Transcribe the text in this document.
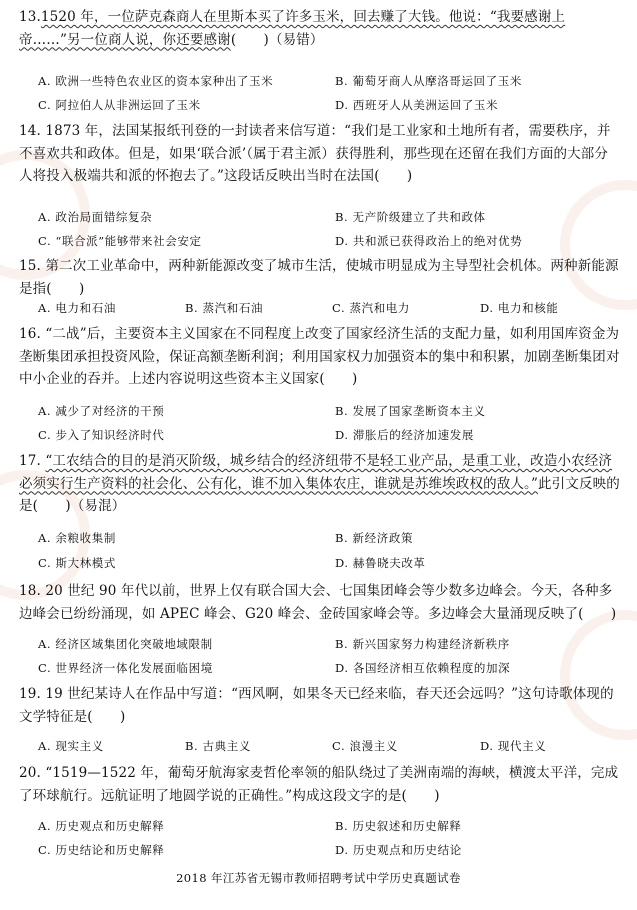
13.1520 年，一位萨克森商人在里斯本买了许多玉米，回去赚了大钱。他说：“我要感谢上帝……”另一位商人说，你还要感谢(　　)（易错）
A. 欧洲一些特色农业区的资本家种出了玉米	B. 葡萄牙商人从摩洛哥运回了玉米
C. 阿拉伯人从非洲运回了玉米	D. 西班牙人从美洲运回了玉米
14. 1873 年，法国某报纸刊登的一封读者来信写道：“我们是工业家和土地所有者，需要秩序，并不喜欢共和政体。但是，如果‘联合派’（属于君主派）获得胜利，那些现在还留在我们方面的大部分人将投入极端共和派的怀抱去了。”这段话反映出当时在法国(　　)
A. 政治局面错综复杂	B. 无产阶级建立了共和政体
C. “联合派”能够带来社会安定	D. 共和派已获得政治上的绝对优势
15. 第二次工业革命中，两种新能源改变了城市生活，使城市明显成为主导型社会机体。两种新能源是指(　　)
A. 电力和石油	B. 蒸汽和石油	C. 蒸汽和电力	D. 电力和核能
16. “二战”后，主要资本主义国家在不同程度上改变了国家经济生活的支配力量，如利用国库资金为垄断集团承担投资风险，保证高额垄断利润；利用国家权力加强资本的集中和积累，加剧垄断集团对中小企业的吞并。上述内容说明这些资本主义国家(　　)
A. 减少了对经济的干预	B. 发展了国家垄断资本主义
C. 步入了知识经济时代	D. 滞胀后的经济加速发展
17. “工农结合的目的是消灭阶级，城乡结合的经济纽带不是轻工业产品，是重工业，改造小农经济必须实行生产资料的社会化、公有化，谁不加入集体农庄，谁就是苏维埃政权的敌人。”此引文反映的是(　　)（易混）
A. 余粮收集制	B. 新经济政策
C. 斯大林模式	D. 赫鲁晓夫改革
18. 20 世纪 90 年代以前，世界上仅有联合国大会、七国集团峰会等少数多边峰会。今天，各种多边峰会已纷纷涌现，如 APEC 峰会、G20 峰会、金砖国家峰会等。多边峰会大量涌现反映了(　　)
A. 经济区域集团化突破地域限制	B. 新兴国家努力构建经济新秩序
C. 世界经济一体化发展面临困境	D. 各国经济相互依赖程度的加深
19. 19 世纪某诗人在作品中写道：“西风啊，如果冬天已经来临，春天还会远吗？”这句诗歌体现的文学特征是(　　)
A. 现实主义	B. 古典主义	C. 浪漫主义	D. 现代主义
20. “1519—1522 年，葡萄牙航海家麦哲伦率领的船队绕过了美洲南端的海峡，横渡太平洋，完成了环球航行。远航证明了地圆学说的正确性。”构成这段文字的是(　　)
A. 历史观点和历史解释	B. 历史叙述和历史解释
C. 历史结论和历史解释	D. 历史观点和历史结论
2018 年江苏省无锡市教师招聘考试中学历史真题试卷
